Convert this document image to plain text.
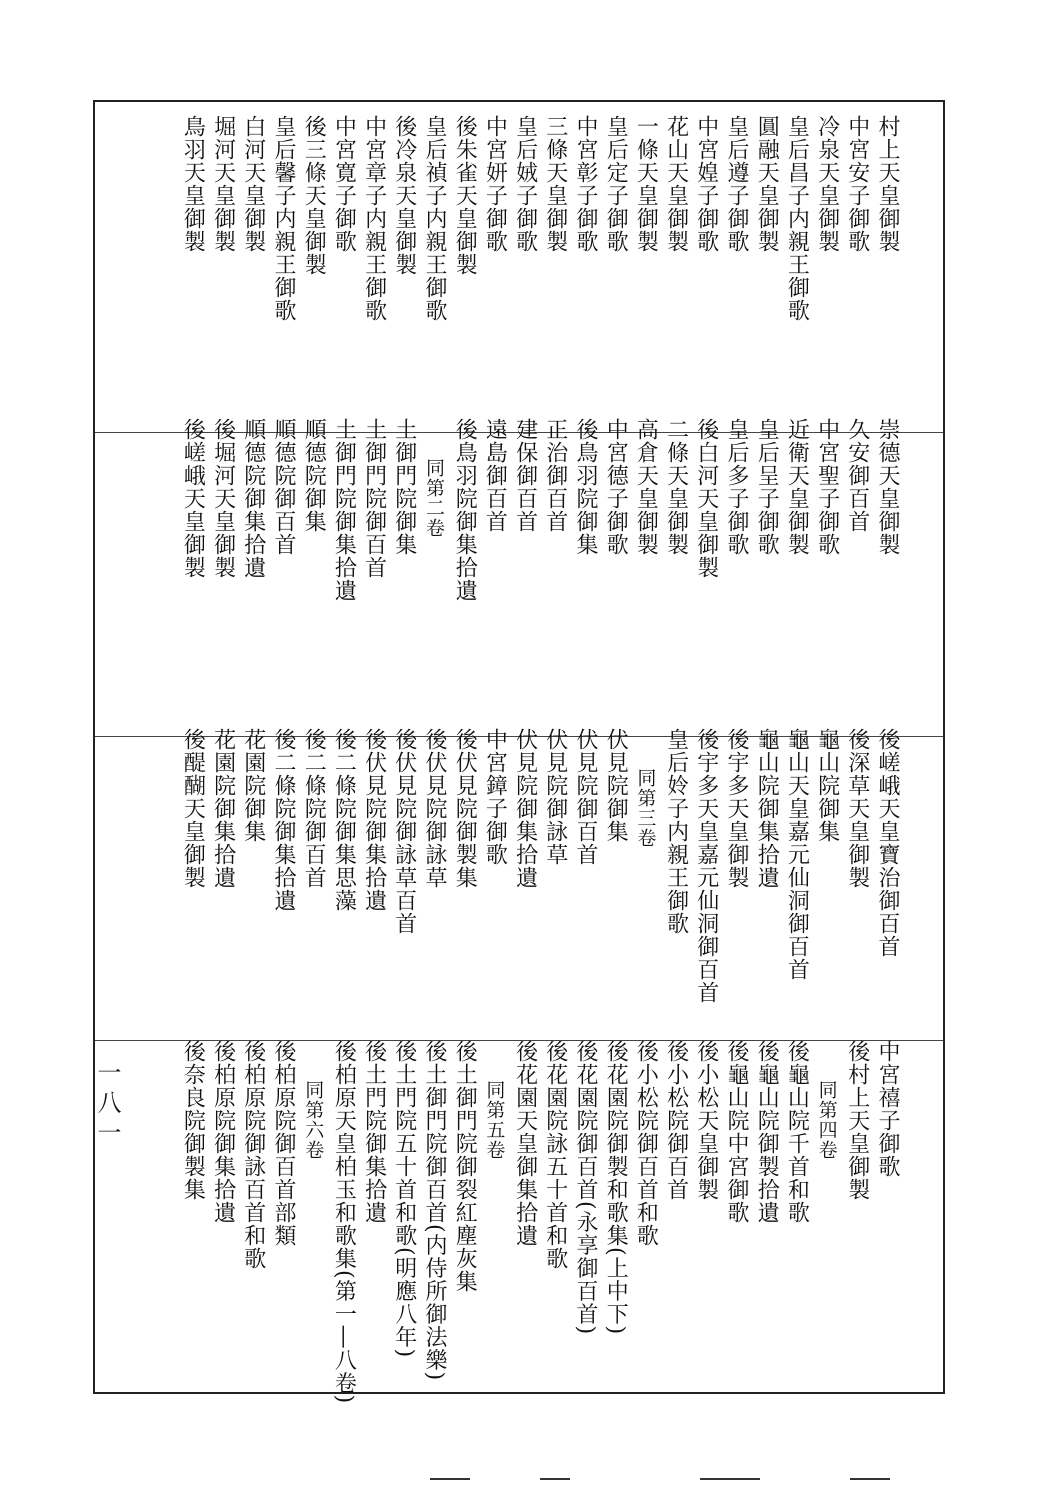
村上天皇御製
中宮安子御歌
冷泉天皇御製
皇后昌子内親王御歌
圓融天皇御製
皇后遵子御歌
中宮媓子御歌
花山天皇御製
一條天皇御製
皇后定子御歌
中宮彰子御歌
三條天皇御製
皇后娀子御歌
中宮妍子御歌
後朱雀天皇御製
皇后禎子内親王御歌
後冷泉天皇御製
中宮章子内親王御歌
中宮寛子御歌
後三條天皇御製
皇后馨子内親王御歌
白河天皇御製
堀河天皇御製
鳥羽天皇御製
崇德天皇御製
久安御百首
中宮聖子御歌
近衛天皇御製
皇后呈子御歌
皇后多子御歌
後白河天皇御製
二條天皇御製
高倉天皇御製
中宮德子御歌
後鳥羽院御集
正治御百首
建保御百首
遠島御百首
後鳥羽院御集拾遺
同第二卷
土御門院御集
土御門院御百首
土御門院御集拾遺
順德院御集
順德院御百首
順德院御集拾遺
後堀河天皇御製
後嵯峨天皇御製
後嵯峨天皇寶治御百首
後深草天皇御製
龜山院御集
龜山天皇嘉元仙洞御百首
龜山院御集拾遺
後宇多天皇御製
後宇多天皇嘉元仙洞御百首
皇后姈子内親王御歌
同第三卷
伏見院御集
伏見院御百首
伏見院御詠草
伏見院御集拾遺
中宮鏱子御歌
後伏見院御製集
後伏見院御詠草
後伏見院御詠草百首
後伏見院御集拾遺
後二條院御集思藻
後二條院御百首
後二條院御集拾遺
花園院御集
花園院御集拾遺
後醍醐天皇御製
中宮禧子御歌
後村上天皇御製
同第四卷
後龜山院千首和歌
後龜山院御製拾遺
後龜山院中宮御歌
後小松天皇御製
後小松院御百首
後小松院御百首和歌
後花園院御製和歌集(上中下)
後花園院御百首(永享御百首)
後花園院詠五十首和歌
後花園天皇御集拾遺
同第五卷
後土御門院御裂紅塵灰集
後土御門院御百首(内侍所御法樂)
後土門院五十首和歌(明應八年)
後土門院御集拾遺
後柏原天皇柏玉和歌集(第一―八卷)
同第六卷
後柏原院御百首部類
後柏原院御詠百首和歌
後柏原院御集拾遺
後奈良院御製集
一八一
